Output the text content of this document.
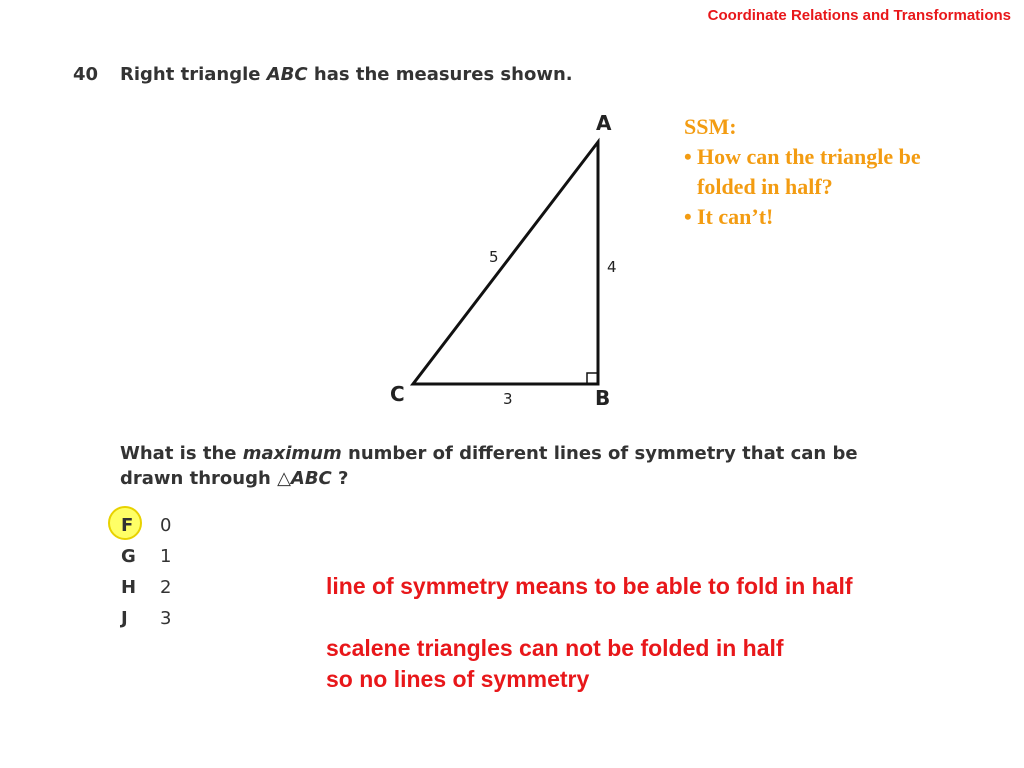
Coordinate Relations and Transformations
40 Right triangle ABC has the measures shown.
A
B
C
5
4
3
SSM:
• How can the triangle be folded in half?
• It can’t!
What is the maximum number of different lines of symmetry that can be
drawn through △ABC ?
F	0
G	1
H	2
J	3
line of symmetry means to be able to fold in half
scalene triangles can not be folded in half
so no lines of symmetry
